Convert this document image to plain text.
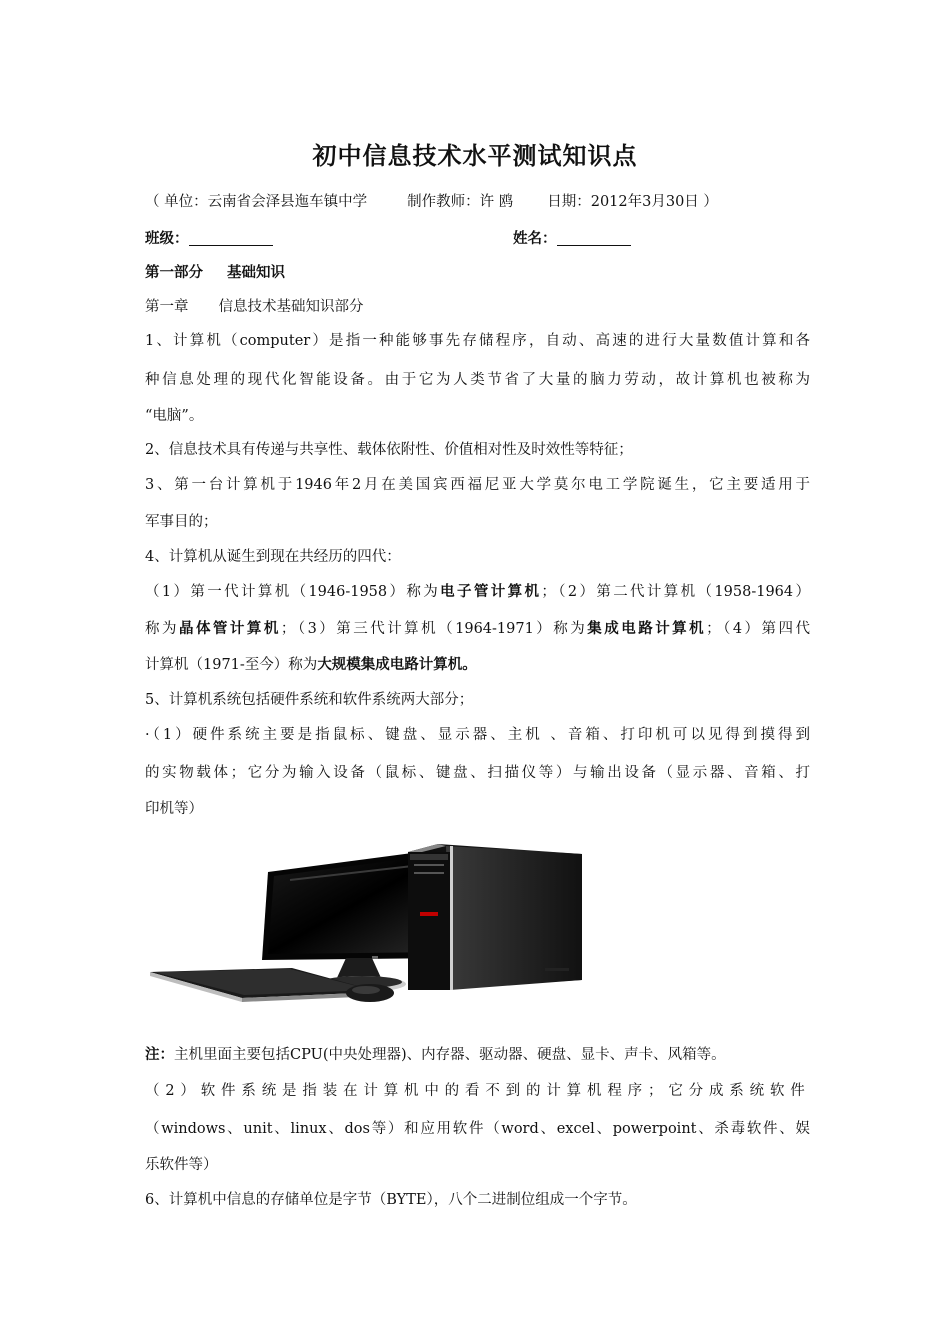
初中信息技术水平测试知识点
（ 单位：云南省会泽县迤车镇中学	制作教师：许 鸥 日期：2012年3月30日 ）
班级：	姓名：
第一部分 基础知识
第一章 信息技术基础知识部分
1、计算机（computer）是指一种能够事先存储程序，自动、高速的进行大量数值计算和各
种信息处理的现代化智能设备。由于它为人类节省了大量的脑力劳动，故计算机也被称为
“电脑”。
2、信息技术具有传递与共享性、载体依附性、价值相对性及时效性等特征；
3、第一台计算机于1946年2月在美国宾西福尼亚大学莫尔电工学院诞生，它主要适用于
军事目的；
4、计算机从诞生到现在共经历的四代：
（1）第一代计算机（1946-1958）称为电子管计算机；（2）第二代计算机（1958-1964）
称为晶体管计算机；（3）第三代计算机（1964-1971）称为集成电路计算机；（4）第四代
计算机（1971-至今）称为大规模集成电路计算机。
5、计算机系统包括硬件系统和软件系统两大部分；
·（1）硬件系统主要是指鼠标、键盘、显示器、主机 、音箱、打印机可以见得到摸得到
的实物载体；它分为输入设备（鼠标、键盘、扫描仪等）与输出设备（显示器、音箱、打
印机等）
注：主机里面主要包括CPU(中央处理器)、内存器、驱动器、硬盘、显卡、声卡、风箱等。
（2）软件系统是指装在计算机中的看不到的计算机程序；它分成系统软件
（windows、unit、linux、dos等）和应用软件（word、excel、powerpoint、杀毒软件、娱
乐软件等）
6、计算机中信息的存储单位是字节（BYTE），八个二进制位组成一个字节。
